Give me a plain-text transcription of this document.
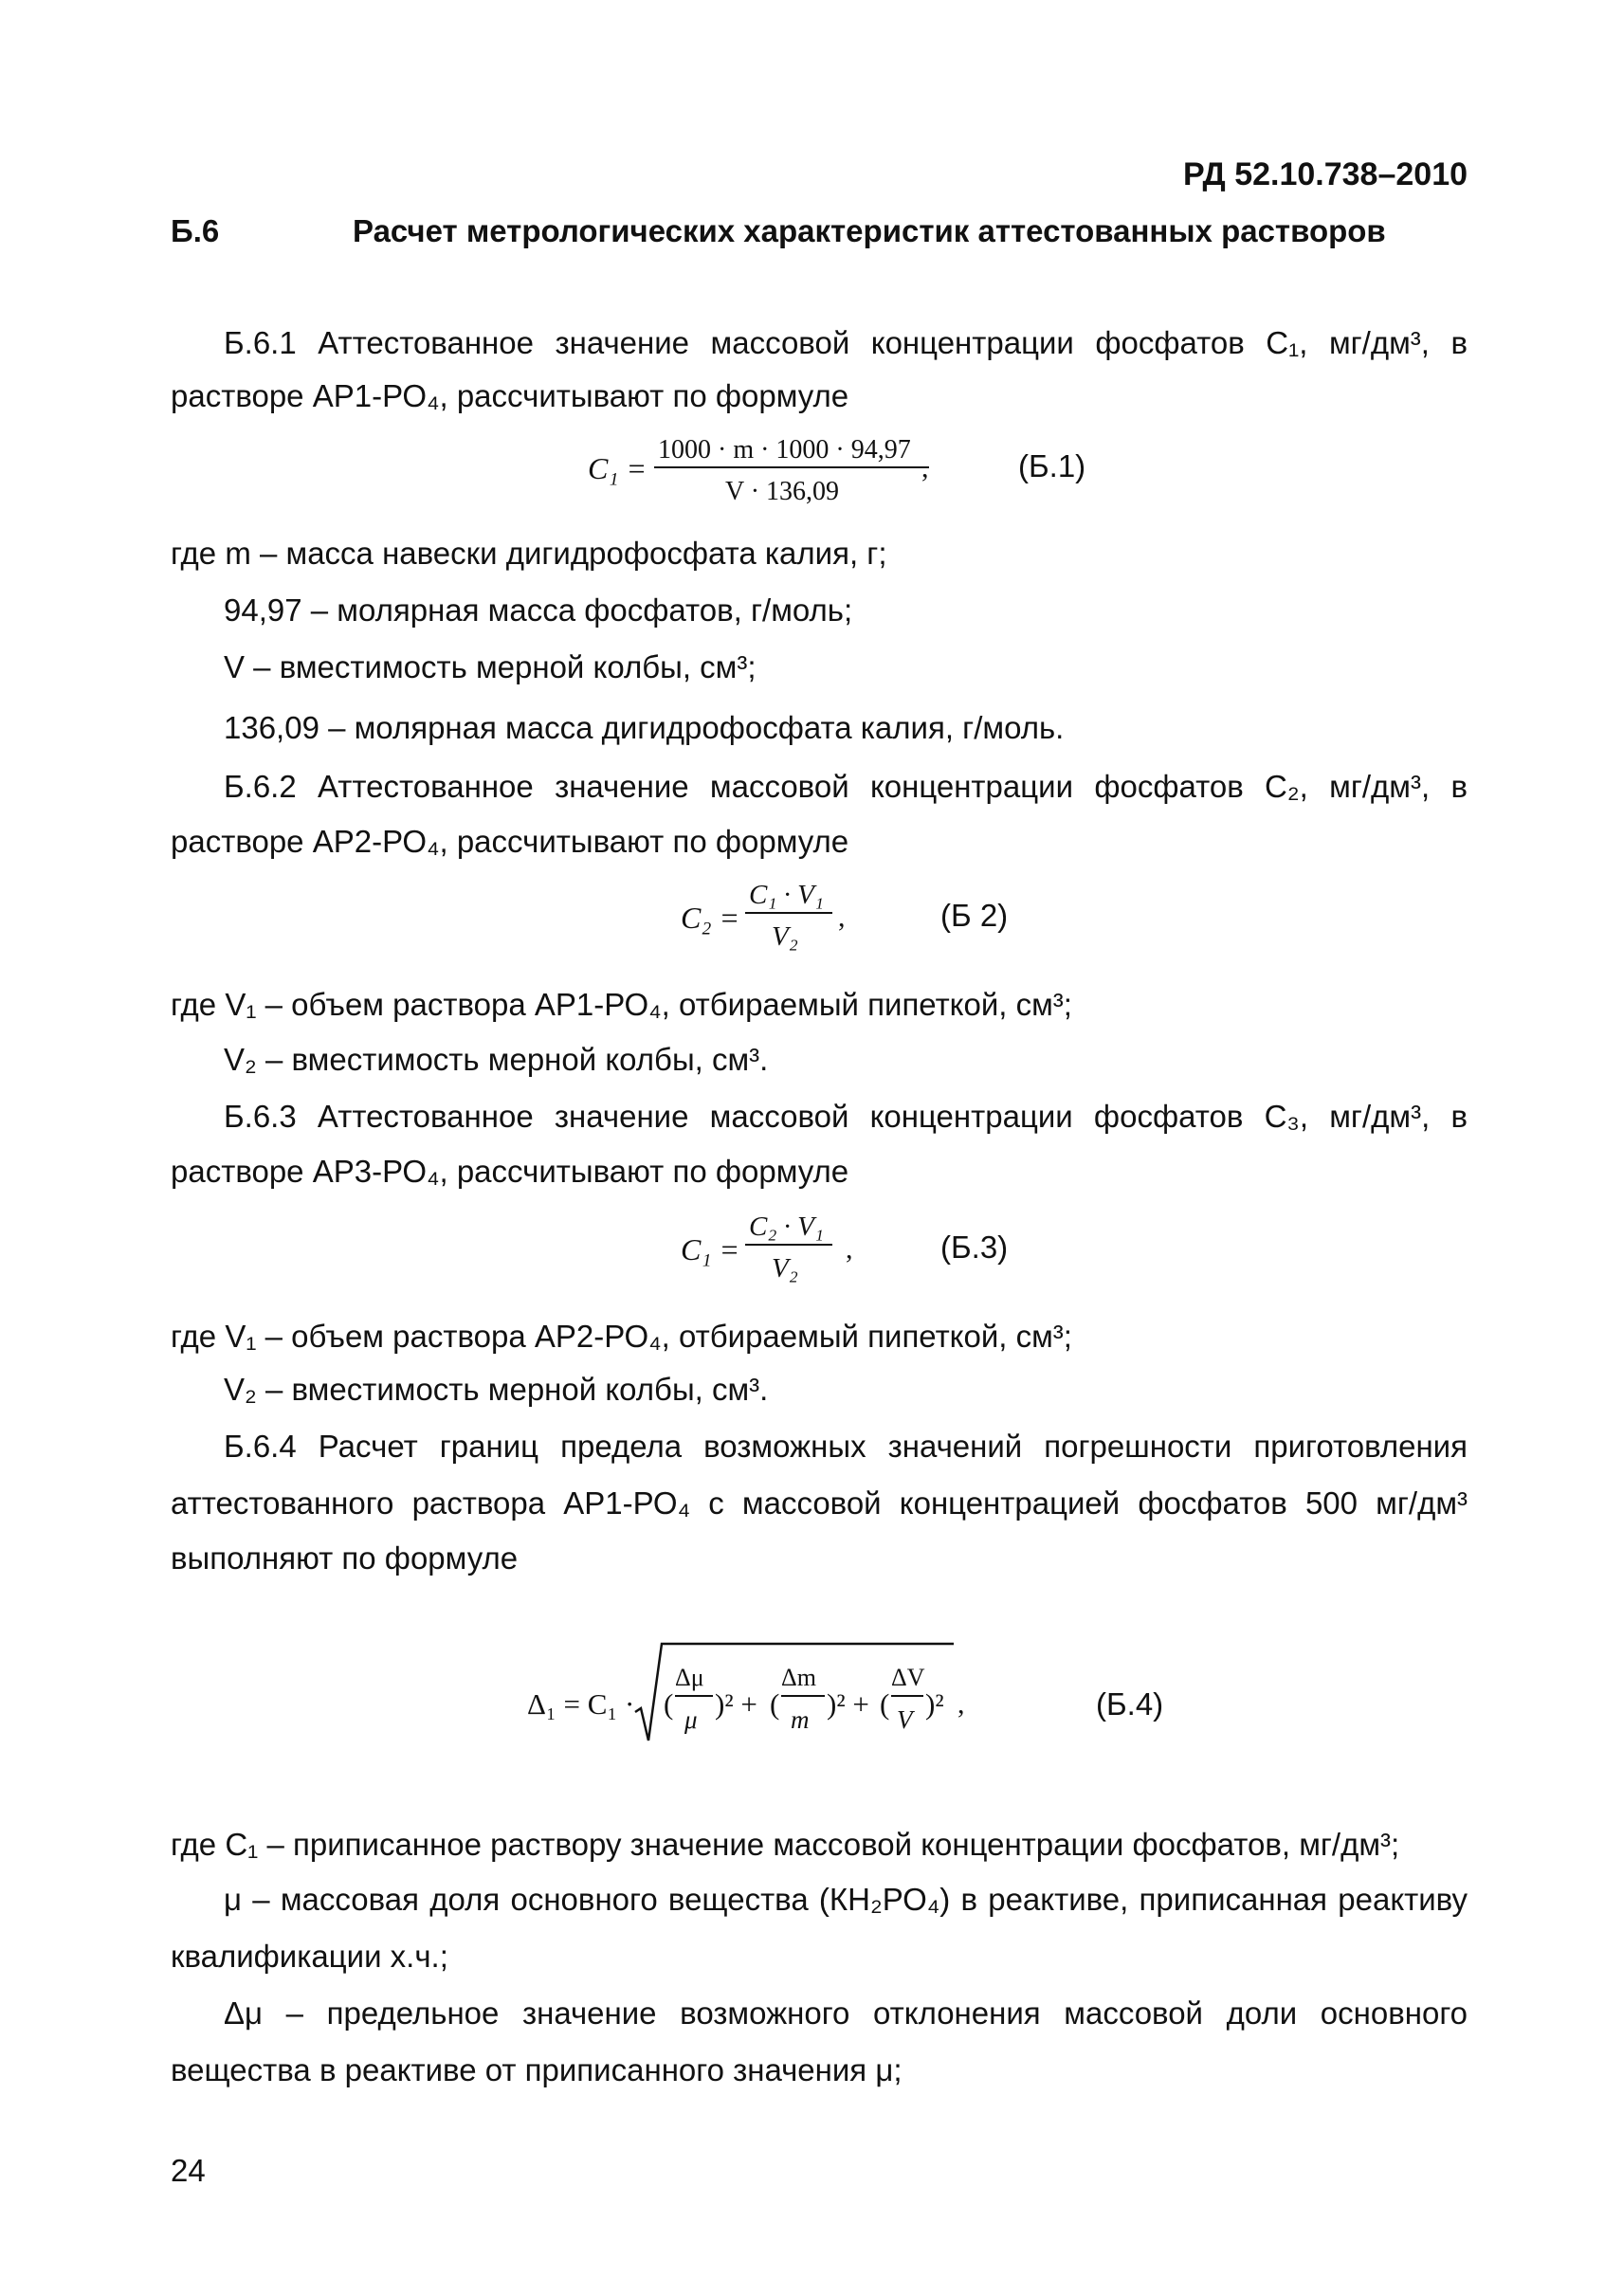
РД 52.10.738–2010
Б.6	Расчет метрологических характеристик аттестованных растворов
Б.6.1 Аттестованное значение массовой концентрации фосфатов C₁, мг/дм³, в
растворе АР1-РО₄, рассчитывают по формуле
C₁ =
1000 · m · 1000 · 94,97
V · 136,09
,	(Б.1)
где m – масса навески дигидрофосфата калия, г;
94,97 – молярная масса фосфатов, г/моль;
V – вместимость мерной колбы, см³;
136,09 – молярная масса дигидрофосфата калия, г/моль.
Б.6.2 Аттестованное значение массовой концентрации фосфатов C₂, мг/дм³, в
растворе АР2-РО₄, рассчитывают по формуле
C₂ =
C₁ · V₁
V₂
,	(Б 2)
где V₁ – объем раствора АР1-РО₄, отбираемый пипеткой, см³;
V₂ – вместимость мерной колбы, см³.
Б.6.3 Аттестованное значение массовой концентрации фосфатов C₃, мг/дм³, в
растворе АР3-РО₄, рассчитывают по формуле
C₁ =
C₂ · V₁
V₂
,	(Б.3)
где V₁ – объем раствора АР2-РО₄, отбираемый пипеткой, см³;
V₂ – вместимость мерной колбы, см³.
Б.6.4 Расчет границ предела возможных значений погрешности приготовления
аттестованного раствора АР1-РО₄ с массовой концентрацией фосфатов 500 мг/дм³
выполняют по формуле
Δ₁ = C₁ · (
Δμ
μ )² + (
Δm
m )² + (
ΔV
V )² ,	(Б.4)
где С₁ – приписанное раствору значение массовой концентрации фосфатов, мг/дм³;
μ – массовая доля основного вещества (КН₂РО₄) в реактиве, приписанная реактиву
квалификации х.ч.;
Δμ – предельное значение возможного отклонения массовой доли основного
вещества в реактиве от приписанного значения μ;
24
